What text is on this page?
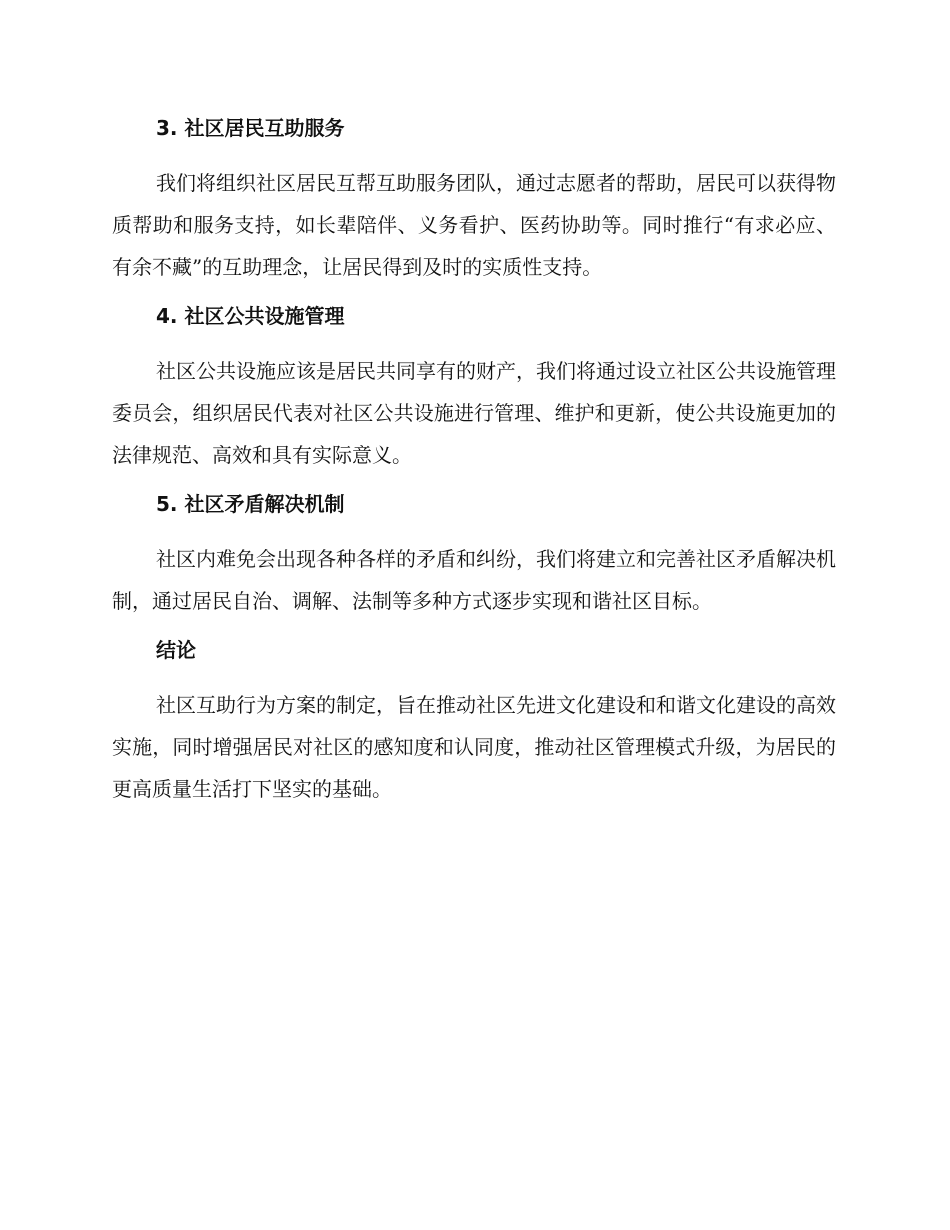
3. 社区居民互助服务

我们将组织社区居民互帮互助服务团队，通过志愿者的帮助，居民可以获得物质帮助和服务支持，如长辈陪伴、义务看护、医药协助等。同时推行“有求必应、有余不藏”的互助理念，让居民得到及时的实质性支持。

4. 社区公共设施管理

社区公共设施应该是居民共同享有的财产，我们将通过设立社区公共设施管理委员会，组织居民代表对社区公共设施进行管理、维护和更新，使公共设施更加的法律规范、高效和具有实际意义。

5. 社区矛盾解决机制

社区内难免会出现各种各样的矛盾和纠纷，我们将建立和完善社区矛盾解决机制，通过居民自治、调解、法制等多种方式逐步实现和谐社区目标。

结论

社区互助行为方案的制定，旨在推动社区先进文化建设和和谐文化建设的高效实施，同时增强居民对社区的感知度和认同度，推动社区管理模式升级，为居民的更高质量生活打下坚实的基础。
